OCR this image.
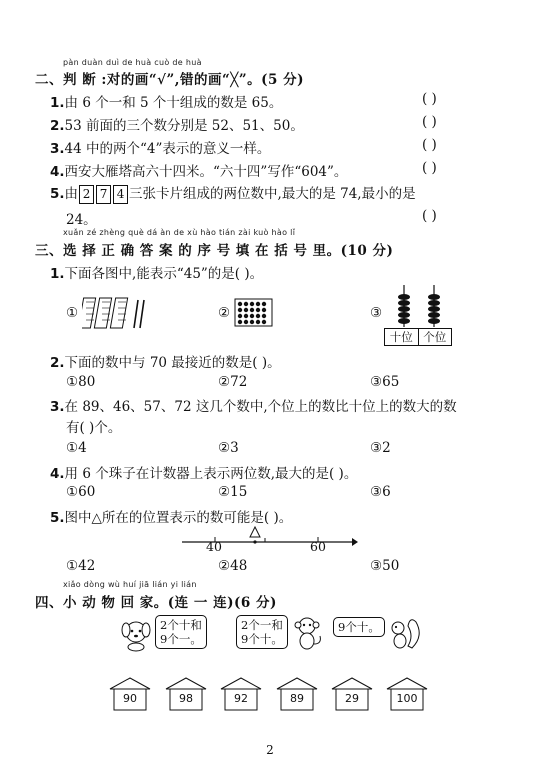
pàn duàn duì de huà cuò de huà
二、判 断 :对的画“√”,错的画“╳”。(5 分)
1.由 6 个一和 5 个十组成的数是 65。	( )
2.53 前面的三个数分别是 52、51、50。	( )
3.44 中的两个“4”表示的意义一样。	( )
4.西安大雁塔高六十四米。“六十四”写作“604”。	( )
5.由 2 7 4 三张卡片组成的两位数中,最大的是 74,最小的是
24。	( )
xuǎn zé zhèng què dá àn de xù hào tián zài kuò hào lǐ
三、选 择 正 确 答 案 的 序 号 填 在 括 号 里。(10 分)
1.下面各图中,能表示“45”的是( )。
①	②	③
十位 个位
2.下面的数中与 70 最接近的数是( )。
①80	②72	③65
3.在 89、46、57、72 这几个数中,个位上的数比十位上的数大的数
有( )个。
①4	②3	③2
4.用 6 个珠子在计数器上表示两位数,最大的是( )。
①60	②15	③6
5.图中△所在的位置表示的数可能是( )。
40	60
①42	②48	③50
xiǎo dòng wù huí jiā lián yi lián
四、小 动 物 回 家。(连 一 连)(6 分)
2个十和
9个一。
2个一和
9个十。
9个十。
90	98	92	89	29	100
2
